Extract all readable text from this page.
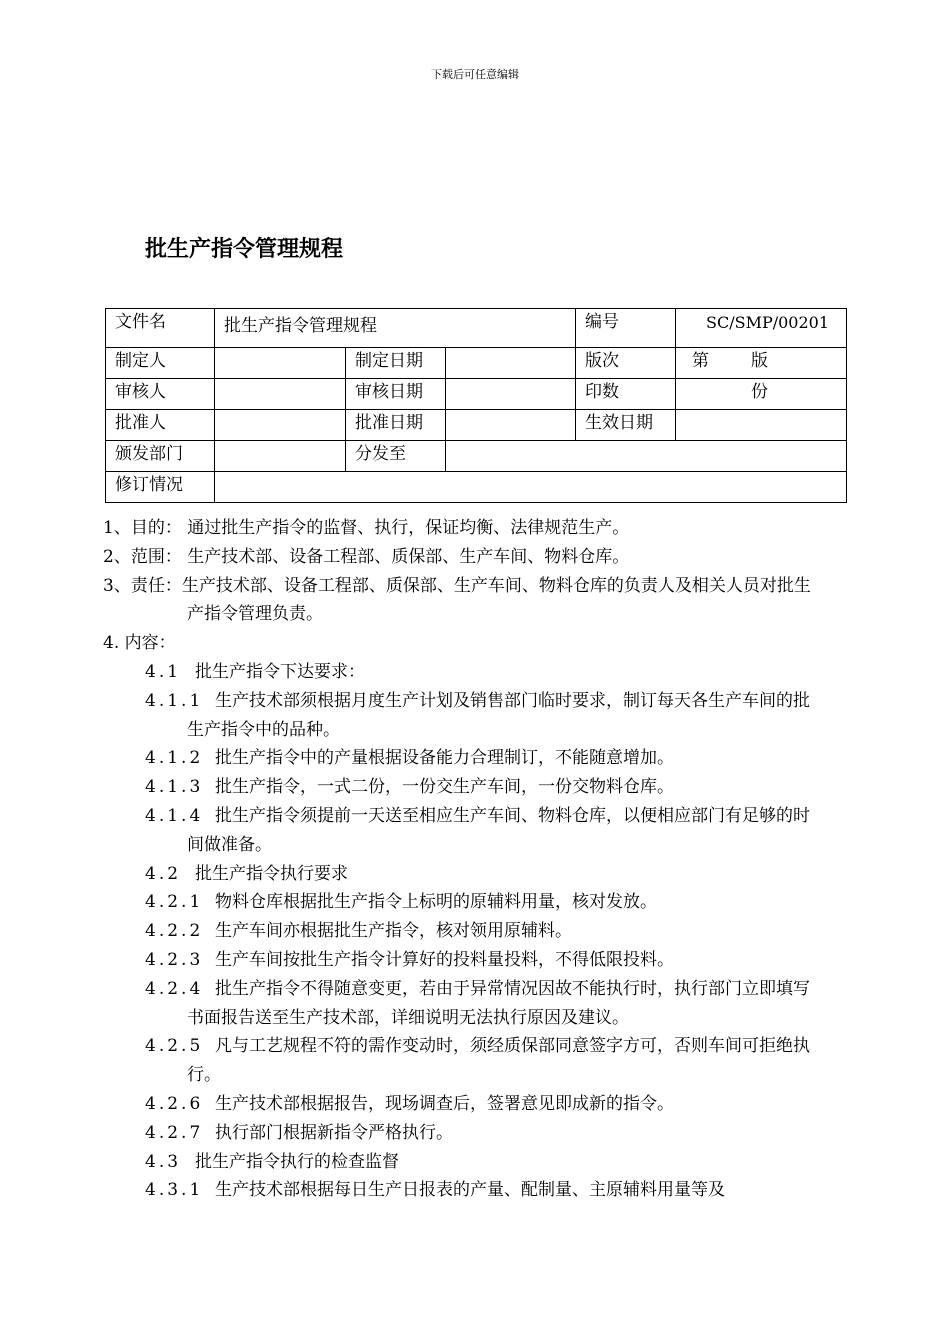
下载后可任意编辑
批生产指令管理规程
文件名	批生产指令管理规程			编号	SC/SMP/00201
制定人		制定日期		版次	第 版
审核人		审核日期		印数	份
批准人		批准日期		生效日期	
颁发部门		分发至			
修订情况					
1、目的： 通过批生产指令的监督、执行，保证均衡、法律规范生产。
2、范围： 生产技术部、设备工程部、质保部、生产车间、物料仓库。
3、责任：生产技术部、设备工程部、质保部、生产车间、物料仓库的负责人及相关人员对批生产指令管理负责。
4. 内容：
4.1 批生产指令下达要求：
4.1.1 生产技术部须根据月度生产计划及销售部门临时要求，制订每天各生产车间的批生产指令中的品种。
4.1.2 批生产指令中的产量根据设备能力合理制订，不能随意增加。
4.1.3 批生产指令，一式二份，一份交生产车间，一份交物料仓库。
4.1.4 批生产指令须提前一天送至相应生产车间、物料仓库，以便相应部门有足够的时间做准备。
4.2 批生产指令执行要求
4.2.1 物料仓库根据批生产指令上标明的原辅料用量，核对发放。
4.2.2 生产车间亦根据批生产指令，核对领用原辅料。
4.2.3 生产车间按批生产指令计算好的投料量投料，不得低限投料。
4.2.4 批生产指令不得随意变更，若由于异常情况因故不能执行时，执行部门立即填写书面报告送至生产技术部，详细说明无法执行原因及建议。
4.2.5 凡与工艺规程不符的需作变动时，须经质保部同意签字方可，否则车间可拒绝执行。
4.2.6 生产技术部根据报告，现场调查后，签署意见即成新的指令。
4.2.7 执行部门根据新指令严格执行。
4.3 批生产指令执行的检查监督
4.3.1 生产技术部根据每日生产日报表的产量、配制量、主原辅料用量等及
